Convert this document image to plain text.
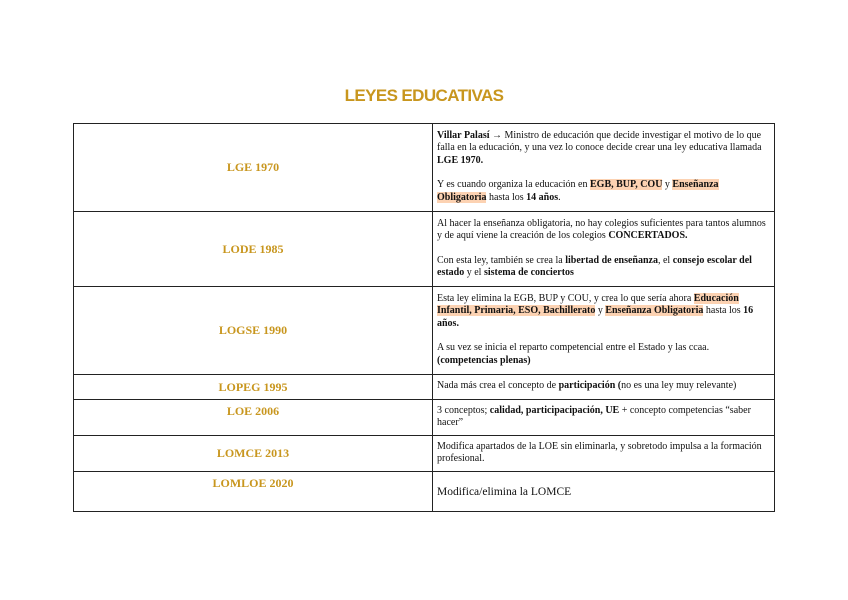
LEYES EDUCATIVAS
LGE 1970	Villar Palasí → Ministro de educación que decide investigar el motivo de lo que falla en la educación, y una vez lo conoce decide crear una ley educativa llamada LGE 1970.

Y es cuando organiza la educación en EGB, BUP, COU y Enseñanza Obligatoria hasta los 14 años.

LODE 1985	Al hacer la enseñanza obligatoria, no hay colegios suficientes para tantos alumnos y de aquí viene la creación de los colegios CONCERTADOS.

Con esta ley, también se crea la libertad de enseñanza, el consejo escolar del estado y el sistema de conciertos

LOGSE 1990	Esta ley elimina la EGB, BUP y COU, y crea lo que sería ahora Educación Infantil, Primaria, ESO, Bachillerato y Enseñanza Obligatoria hasta los 16 años.

A su vez se inicia el reparto competencial entre el Estado y las ccaa. (competencias plenas)

LOPEG 1995	Nada más crea el concepto de participación (no es una ley muy relevante)

LOE 2006	3 conceptos; calidad, participacipación, UE + concepto competencias “saber hacer”

LOMCE 2013	Modifica apartados de la LOE sin eliminarla, y sobretodo impulsa a la formación profesional.

LOMLOE 2020	Modifica/elimina la LOMCE
